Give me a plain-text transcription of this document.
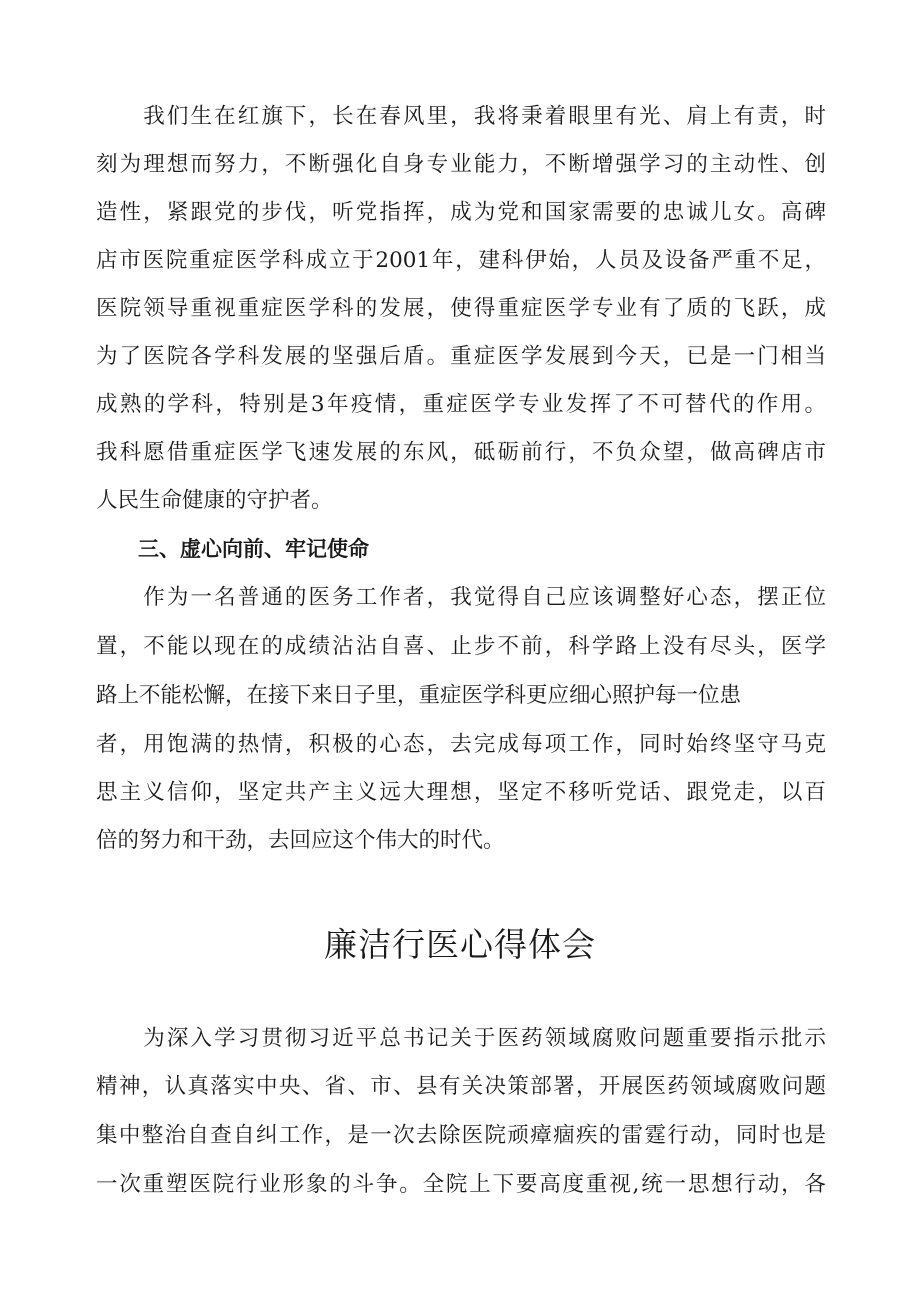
　　我们生在红旗下，长在春风里，我将秉着眼里有光、肩上有责，时
刻为理想而努力，不断强化自身专业能力，不断增强学习的主动性、创
造性，紧跟党的步伐，听党指挥，成为党和国家需要的忠诚儿女。高碑
店市医院重症医学科成立于2001年，建科伊始，人员及设备严重不足，
医院领导重视重症医学科的发展，使得重症医学专业有了质的飞跃，成
为了医院各学科发展的坚强后盾。重症医学发展到今天，已是一门相当
成熟的学科，特别是3年疫情，重症医学专业发挥了不可替代的作用。
我科愿借重症医学飞速发展的东风，砥砺前行，不负众望，做高碑店市
人民生命健康的守护者。
　　三、虚心向前、牢记使命
　　作为一名普通的医务工作者，我觉得自己应该调整好心态，摆正位
置，不能以现在的成绩沾沾自喜、止步不前，科学路上没有尽头，医学
路上不能松懈，在接下来日子里，重症医学科更应细心照护每一位患
者，用饱满的热情，积极的心态，去完成每项工作，同时始终坚守马克
思主义信仰，坚定共产主义远大理想，坚定不移听党话、跟党走，以百
倍的努力和干劲，去回应这个伟大的时代。
廉洁行医心得体会
　　为深入学习贯彻习近平总书记关于医药领域腐败问题重要指示批示
精神，认真落实中央、省、市、县有关决策部署，开展医药领域腐败问题
集中整治自查自纠工作，是一次去除医院顽瘴痼疾的雷霆行动，同时也是
一次重塑医院行业形象的斗争。全院上下要高度重视,统一思想行动，各
